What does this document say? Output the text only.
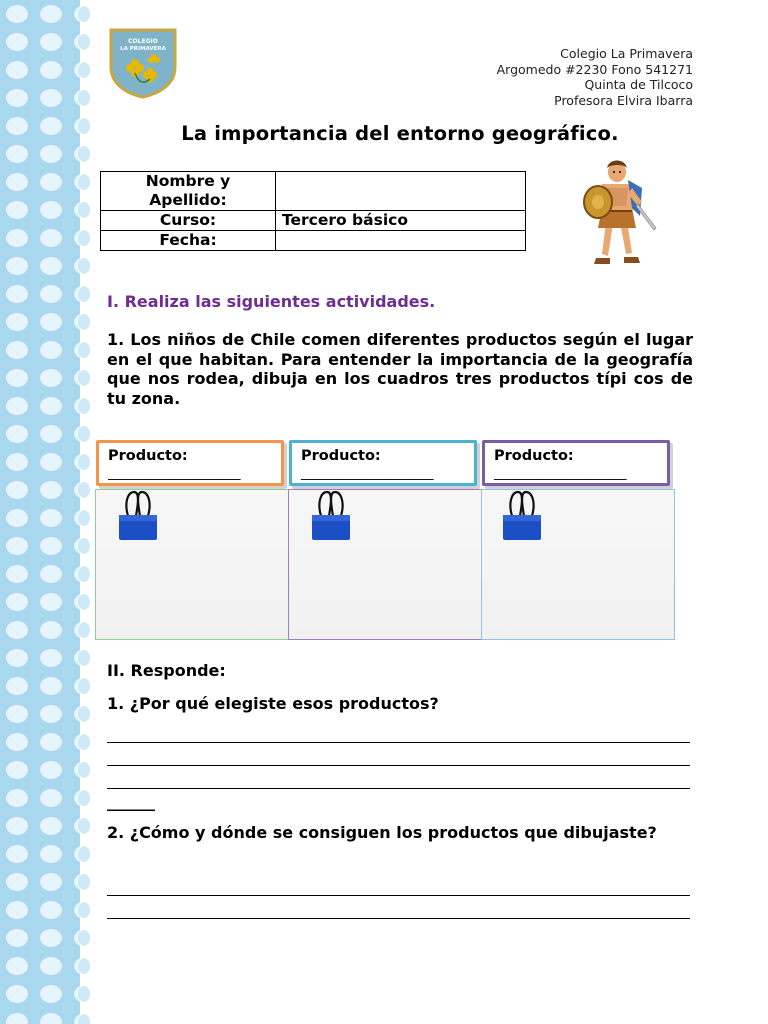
COLEGIO
LA PRIMAVERA	Colegio La Primavera
Argomedo #2230 Fono 541271
Quinta de Tilcoco
Profesora Elvira Ibarra
La importancia del entorno geográfico.
Nombre y Apellido:	
Curso:	Tercero básico
Fecha:	
I. Realiza las siguientes actividades.
1. Los niños de Chile comen diferentes productos según el lugar en el que habitan. Para entender la importancia de la geografía que nos rodea, dibuja en los cuadros tres productos típi cos de tu zona.
Producto:
______________________
Producto:
______________________
Producto:
______________________
II. Responde:
1. ¿Por qué elegiste esos productos?
______
2. ¿Cómo y dónde se consiguen los productos que dibujaste?
